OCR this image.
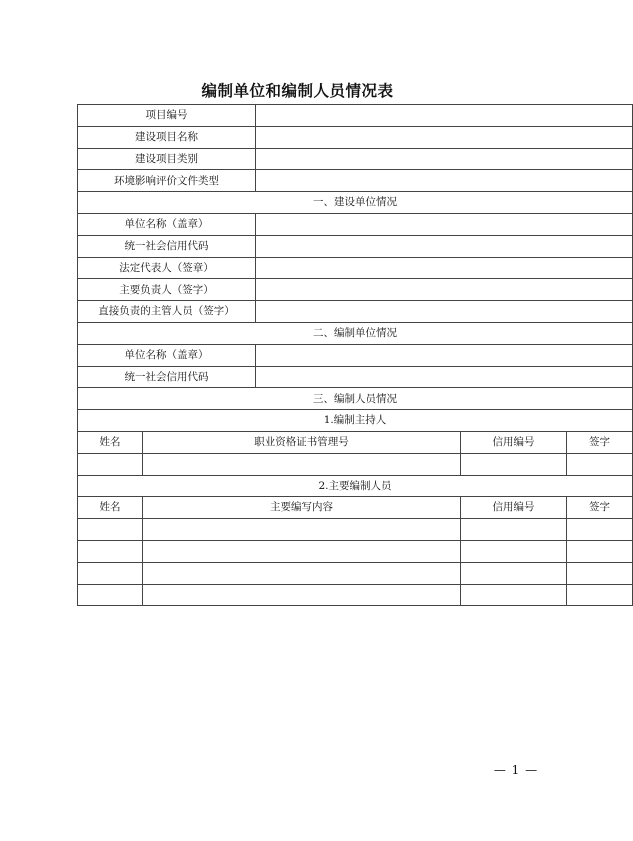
编制单位和编制人员情况表
项目编号				
建设项目名称				
建设项目类别				
环境影响评价文件类型				
一、建设单位情况				
单位名称（盖章）				
统一社会信用代码				
法定代表人（签章）				
主要负责人（签字）				
直接负责的主管人员（签字）				
二、编制单位情况				
单位名称（盖章）				
统一社会信用代码				
三、编制人员情况				
1.编制主持人				
姓名	职业资格证书管理号		信用编号	签字

2.主要编制人员				
姓名	主要编写内容		信用编号	签字

— 1 —
